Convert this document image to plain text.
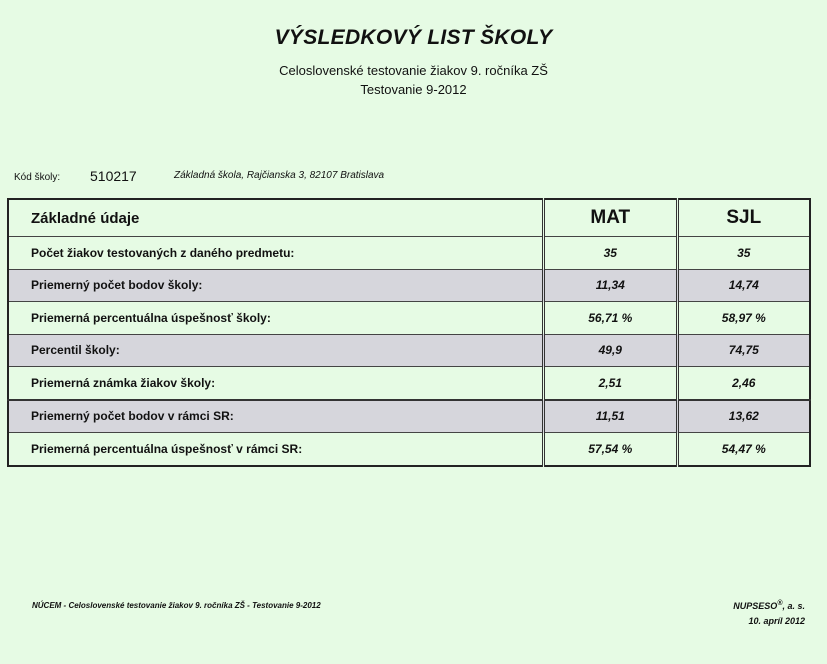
VÝSLEDKOVÝ LIST ŠKOLY
Celoslovenské testovanie žiakov 9. ročníka ZŠ
Testovanie 9-2012
Kód školy: 510217	Základná škola, Rajčianska 3, 82107 Bratislava
Základné údaje	MAT	SJL
Počet žiakov testovaných z daného predmetu:	35	35
Priemerný počet bodov školy:	11,34	14,74
Priemerná percentuálna úspešnosť školy:	56,71 %	58,97 %
Percentil školy:	49,9	74,75
Priemerná známka žiakov školy:	2,51	2,46
Priemerný počet bodov v rámci SR:	11,51	13,62
Priemerná percentuálna úspešnosť v rámci SR:	57,54 %	54,47 %
NÚCEM - Celoslovenské testovanie žiakov 9. ročníka ZŠ - Testovanie 9-2012	NUPSESO®, a. s.
10. apríl 2012
